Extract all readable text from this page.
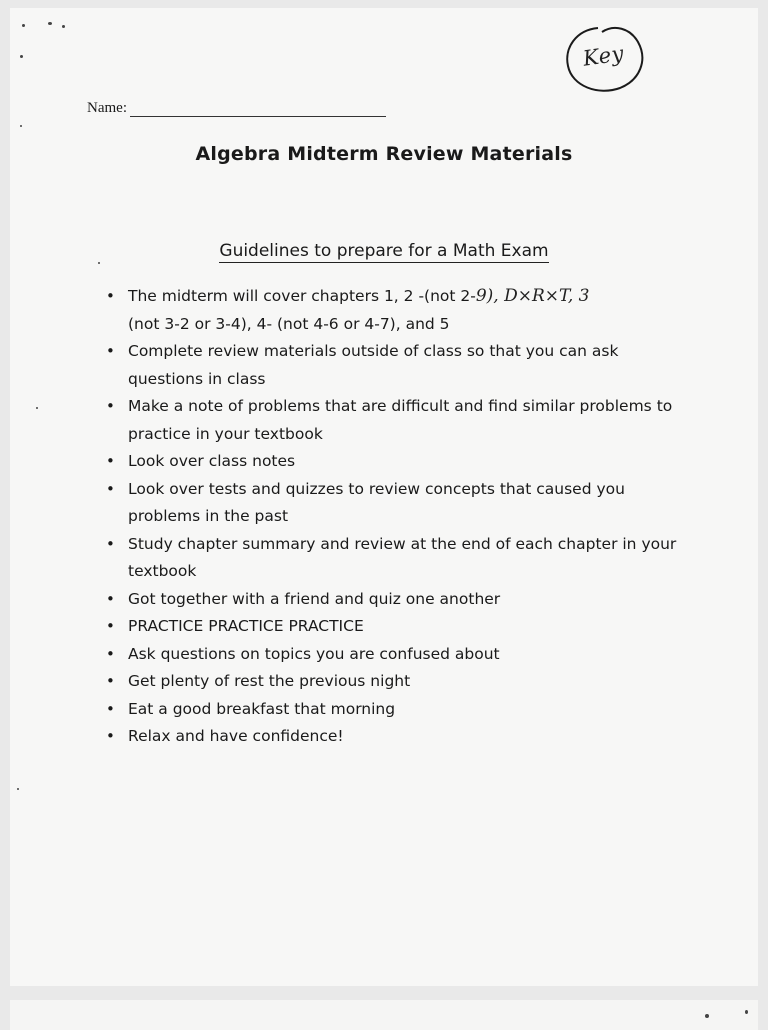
Key
Name:
Algebra Midterm Review Materials
Guidelines to prepare for a Math Exam
• The midterm will cover chapters 1, 2 -(not 2-9), D×R×T, 3
(not 3-2 or 3-4), 4- (not 4-6 or 4-7), and 5
• Complete review materials outside of class so that you can ask questions in class
• Make a note of problems that are difficult and find similar problems to practice in your textbook
• Look over class notes
• Look over tests and quizzes to review concepts that caused you problems in the past
• Study chapter summary and review at the end of each chapter in your textbook
• Got together with a friend and quiz one another
• PRACTICE PRACTICE PRACTICE
• Ask questions on topics you are confused about
• Get plenty of rest the previous night
• Eat a good breakfast that morning
• Relax and have confidence!
